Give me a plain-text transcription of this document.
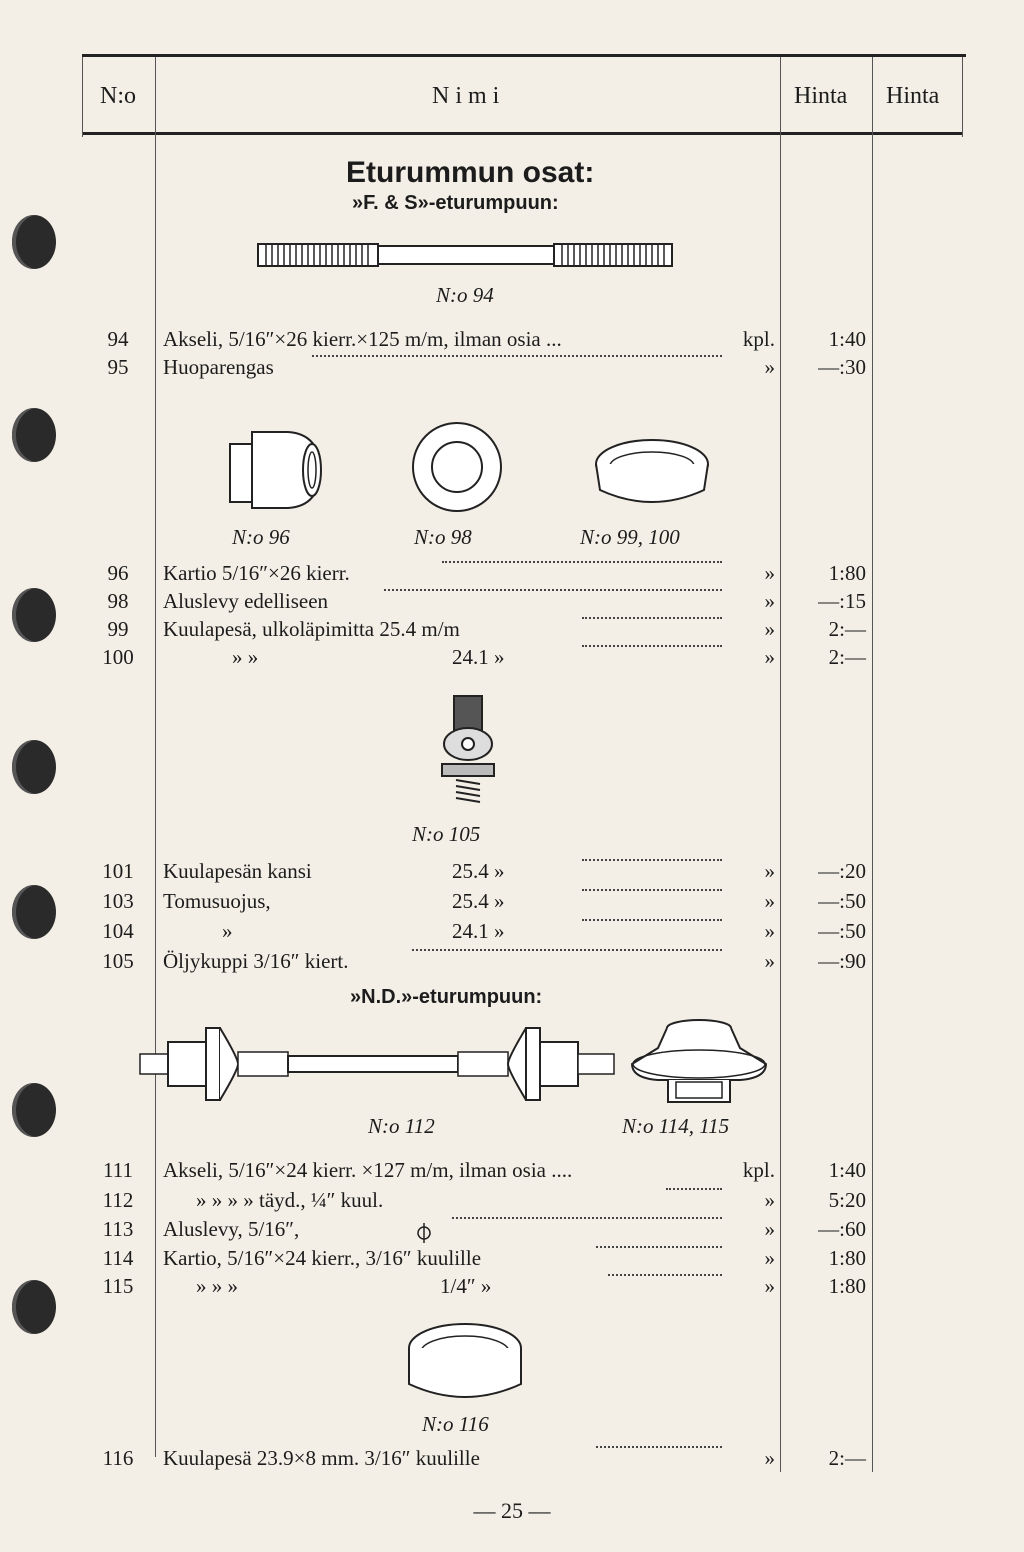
N:o	N i m i	Hinta Hinta
Eturummun osat:
»F. & S»-eturumpuun:
N:o 94
N:o 96	N:o 98	N:o 99, 100
N:o 105
»N.D.»-eturumpuun:
N:o 112	N:o 114, 115
N:o 116
94	Akseli, 5/16″×26 kierr.×125 m/m, ilman osia ...	kpl.	1:40
95	Huoparengas	»	—:30
96	Kartio 5/16″×26 kierr.	»	1:80
98	Aluslevy edelliseen	»	—:15
99	Kuulapesä, ulkoläpimitta 25.4 m/m	»	2:—
100	» »	24.1 »	»	2:—
101 Kuulapesän kansi	25.4 »	»	—:20
103 Tomusuojus,	25.4 »	»	—:50
104	»	24.1 »	»	—:50
105 Öljykuppi 3/16″ kiert.	»	—:90
111 Akseli, 5/16″×24 kierr. ×127 m/m, ilman osia ....	kpl.	1:40
112	» » » » täyd., ¼″ kuul.	»	5:20
113 Aluslevy, 5/16″,	»	—:60
114 Kartio, 5/16″×24 kierr., 3/16″ kuulille	»	1:80
115	» » »	1/4″ »	»	1:80
116 Kuulapesä 23.9×8 mm. 3/16″ kuulille	»	2:—
— 25 —
